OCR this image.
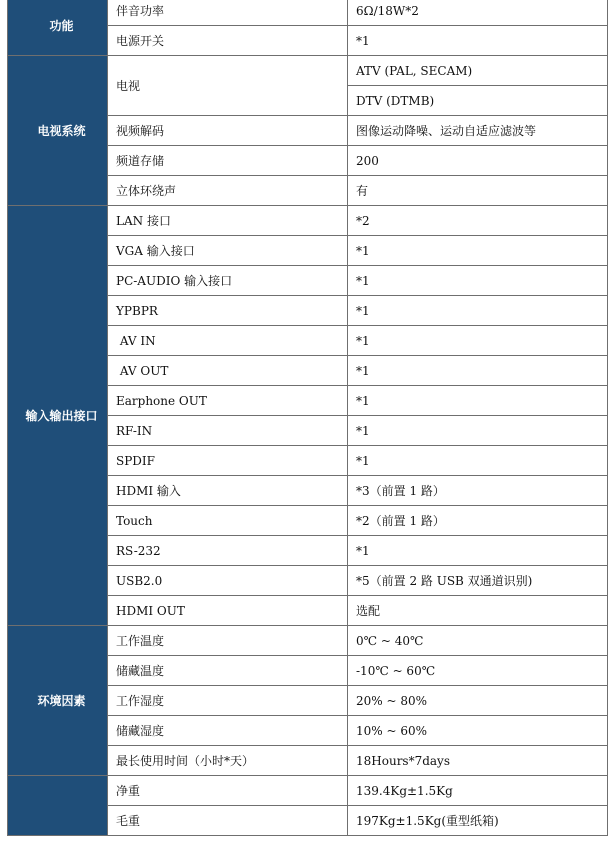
功能	伴音功率	6Ω/18W*2
	电源开关	*1
电视系统	电视	ATV (PAL, SECAM)
		DTV (DTMB)
	视频解码	图像运动降噪、运动自适应滤波等
	频道存储	200
	立体环绕声	有
输入输出接口	LAN 接口	*2
	VGA 输入接口	*1
	PC-AUDIO 输入接口	*1
	YPBPR	*1
	AV IN	*1
	AV OUT	*1
	Earphone OUT	*1
	RF-IN	*1
	SPDIF	*1
	HDMI 输入	*3（前置 1 路）
	Touch	*2（前置 1 路）
	RS-232	*1
	USB2.0	*5（前置 2 路 USB 双通道识别)
	HDMI OUT	选配
环境因素	工作温度	0℃ ~ 40℃
	储藏温度	-10℃ ~ 60℃
	工作湿度	20% ~ 80%
	储藏湿度	10% ~ 60%
	最长使用时间（小时*天）	18Hours*7days
	净重	139.4Kg±1.5Kg
	毛重	197Kg±1.5Kg(重型纸箱)
